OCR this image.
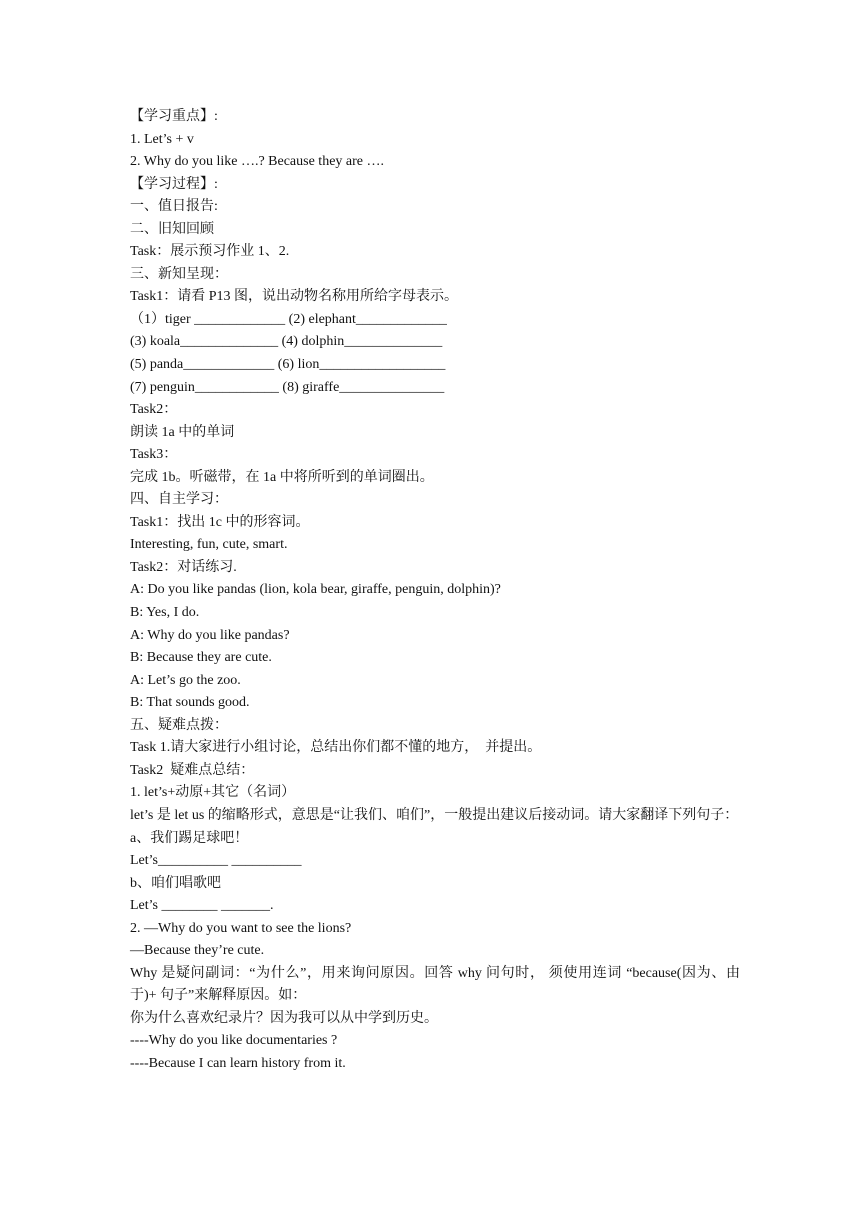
【学习重点】:
1. Let’s + v
2. Why do you like ….? Because they are ….
【学习过程】:
一、值日报告:
二、旧知回顾
Task：展示预习作业 1、2.
三、新知呈现：
Task1：请看 P13 图，说出动物名称用所给字母表示。
（1）tiger _____________ (2) elephant_____________
(3) koala______________ (4) dolphin______________
(5) panda_____________ (6) lion__________________
(7) penguin____________ (8) giraffe_______________
Task2：
朗读 1a 中的单词
Task3：
完成 1b。听磁带，在 1a 中将所听到的单词圈出。
四、自主学习：
Task1：找出 1c 中的形容词。
Interesting, fun, cute, smart.
Task2：对话练习.
A: Do you like pandas (lion, kola bear, giraffe, penguin, dolphin)?
B: Yes, I do.
A: Why do you like pandas?
B: Because they are cute.
A: Let’s go the zoo.
B: That sounds good.
五、疑难点拨：
Task 1.请大家进行小组讨论，总结出你们都不懂的地方，  并提出。
Task2  疑难点总结：
1. let’s+动原+其它（名词）
let’s 是 let us 的缩略形式，意思是“让我们、咱们”，一般提出建议后接动词。请大家翻译下列句子：
a、我们踢足球吧！
Let’s__________ __________
b、咱们唱歌吧
Let’s ________ _______.
2. —Why do you want to see the lions?
—Because they’re cute.
Why 是疑问副词：“为什么”，用来询问原因。回答 why 问句时， 须使用连词 “because(因为、由于)+ 句子”来解释原因。如：
你为什么喜欢纪录片？因为我可以从中学到历史。
----Why do you like documentaries ?
----Because I can learn history from it.
